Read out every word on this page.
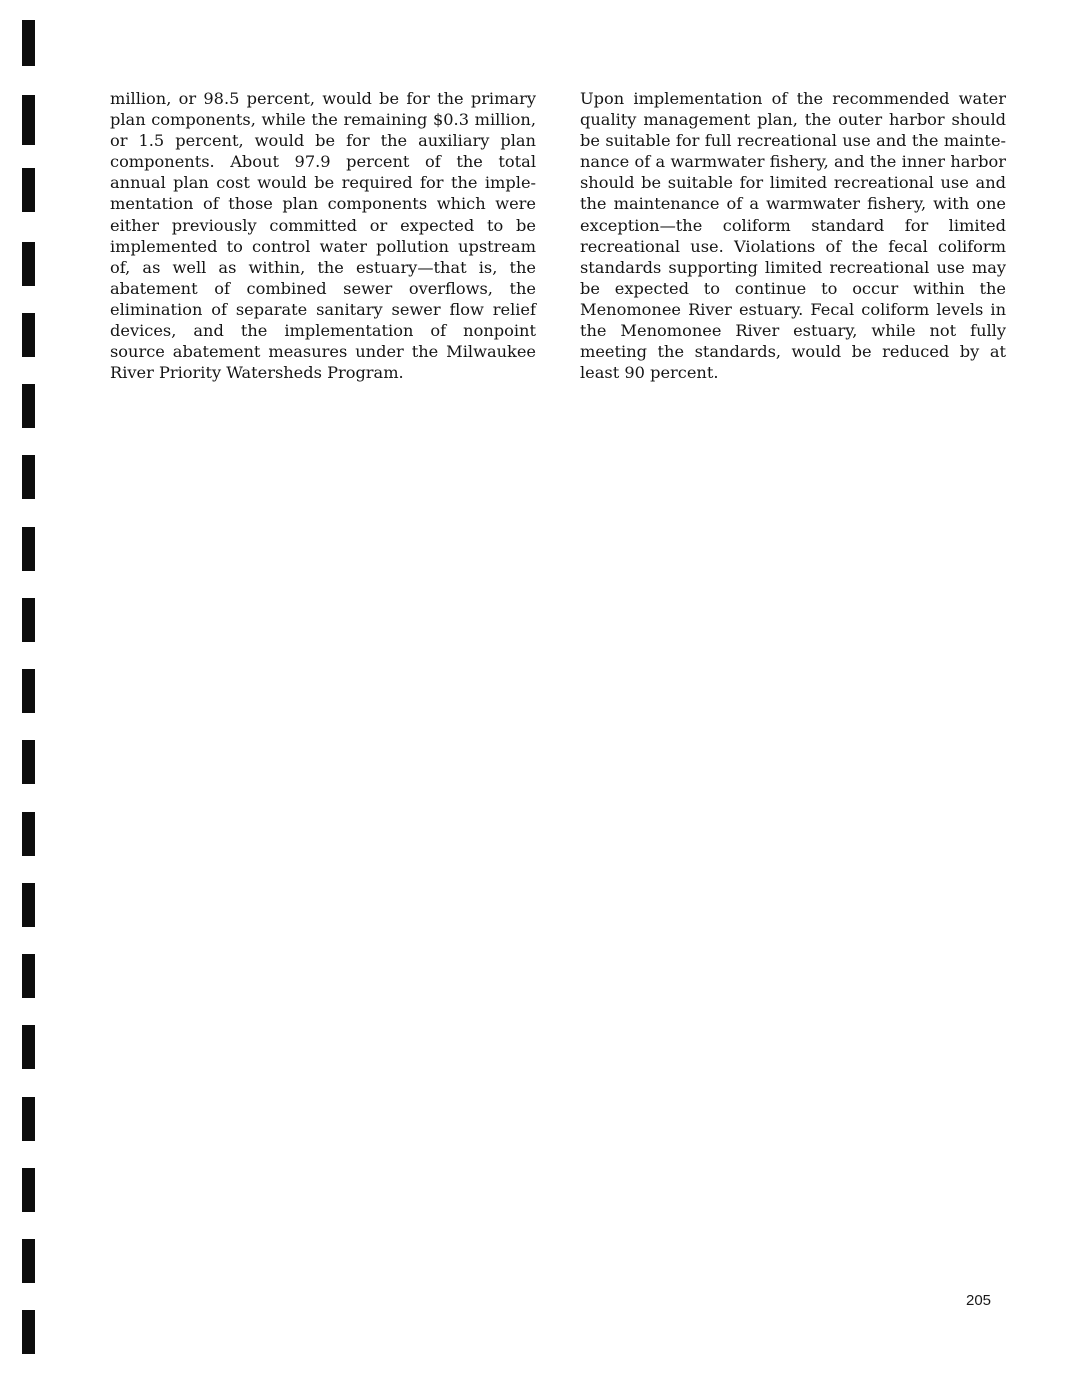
million, or 98.5 percent, would be for the primary
plan components, while the remaining $0.3 million,
or 1.5 percent, would be for the auxiliary plan
components. About 97.9 percent of the total
annual plan cost would be required for the imple-
mentation of those plan components which were
either previously committed or expected to be
implemented to control water pollution upstream
of, as well as within, the estuary—that is, the
abatement of combined sewer overflows, the
elimination of separate sanitary sewer flow relief
devices, and the implementation of nonpoint
source abatement measures under the Milwaukee
River Priority Watersheds Program.
Upon implementation of the recommended water
quality management plan, the outer harbor should
be suitable for full recreational use and the mainte-
nance of a warmwater fishery, and the inner harbor
should be suitable for limited recreational use and
the maintenance of a warmwater fishery, with one
exception—the coliform standard for limited
recreational use. Violations of the fecal coliform
standards supporting limited recreational use may
be expected to continue to occur within the
Menomonee River estuary. Fecal coliform levels in
the Menomonee River estuary, while not fully
meeting the standards, would be reduced by at
least 90 percent.
205
